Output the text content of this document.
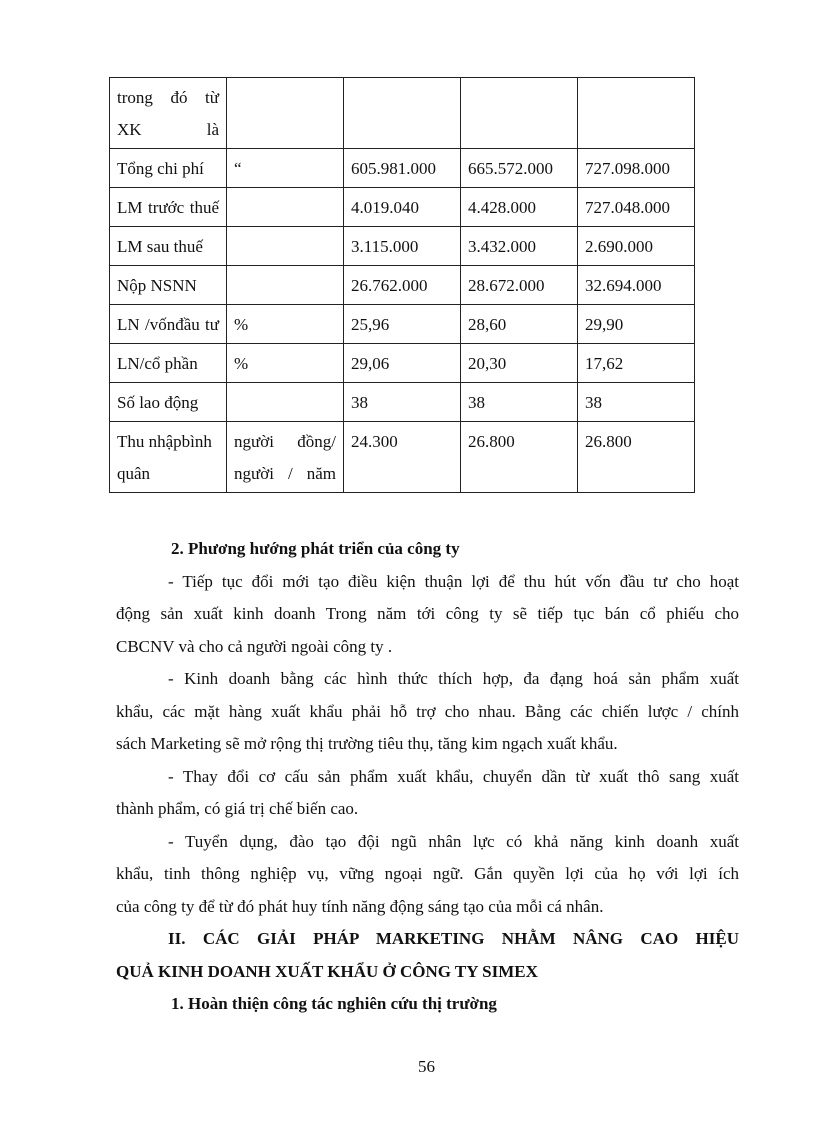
trong đó từ XK là				
Tổng chi phí	“	605.981.000	665.572.000	727.098.000
LM trước thuế		4.019.040	4.428.000	727.048.000
LM sau thuế		3.115.000	3.432.000	2.690.000
Nộp NSNN		26.762.000	28.672.000	32.694.000
LN /vốnđầu tư	%	25,96	28,60	29,90
LN/cổ phần	%	29,06	20,30	17,62
Số lao động		38	38	38
Thu nhậpbình quân	người đồng/ người / năm	24.300	26.800	26.800
2. Phương hướng phát triển của công ty
- Tiếp tục đổi mới tạo điều kiện thuận lợi để thu hút vốn đầu tư cho hoạt
động sản xuất kinh doanh Trong năm tới công ty sẽ tiếp tục bán cổ phiếu cho
CBCNV và cho cả người ngoài công ty .
- Kinh doanh bằng các hình thức thích hợp, đa đạng hoá sản phẩm xuất
khẩu, các mặt hàng xuất khẩu phải hỗ trợ cho nhau. Bằng các chiến lược / chính
sách Marketing sẽ mở rộng thị trường tiêu thụ, tăng kim ngạch xuất khẩu.
- Thay đổi cơ cấu sản phẩm xuất khẩu, chuyển dần từ xuất thô sang xuất
thành phẩm, có giá trị chế biến cao.
- Tuyển dụng, đào tạo đội ngũ nhân lực có khả năng kinh doanh xuất
khẩu, tinh thông nghiệp vụ, vững ngoại ngữ. Gắn quyền lợi của họ với lợi ích
của công ty để từ đó phát huy tính năng động sáng tạo của mỗi cá nhân.
II. CÁC GIẢI PHÁP MARKETING NHẰM NÂNG CAO HIỆU
QUẢ KINH DOANH XUẤT KHẨU Ở CÔNG TY SIMEX
1. Hoàn thiện công tác nghiên cứu thị trường
56
